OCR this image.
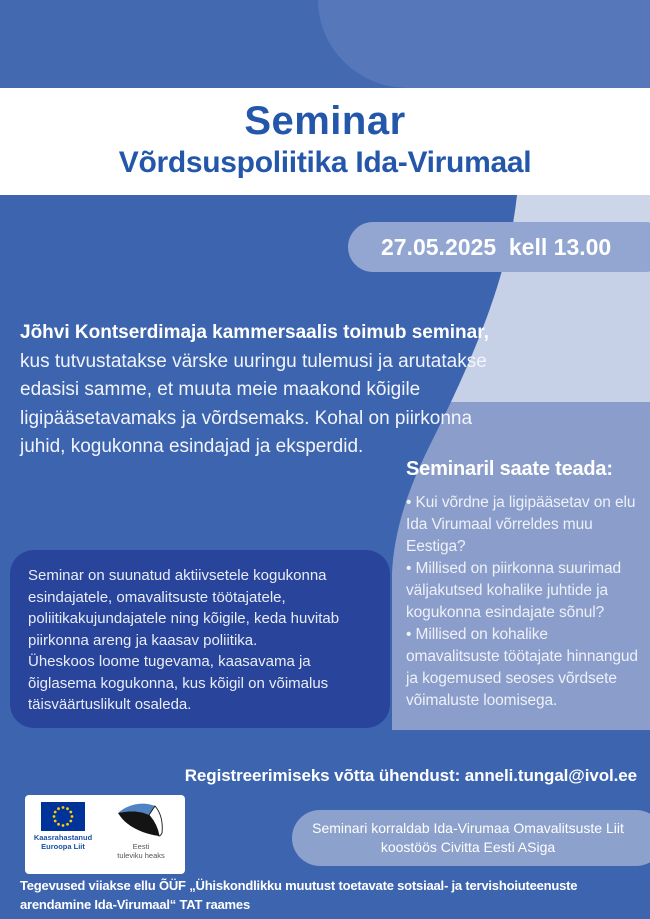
Seminar
Võrdsuspoliitika Ida-Virumaal
27.05.2025  kell 13.00

Jõhvi Kontserdimaja kammersaalis toimub seminar, kus tutvustatakse värske uuringu tulemusi ja arutatakse edasisi samme, et muuta meie maakond kõigile ligipääsetavamaks ja võrdsemaks. Kohal on piirkonna juhid, kogukonna esindajad ja eksperdid.

Seminaril saate teada:
• Kui võrdne ja ligipääsetav on elu Ida Virumaal võrreldes muu Eestiga?
• Millised on piirkonna suurimad väljakutsed kohalike juhtide ja kogukonna esindajate sõnul?
• Millised on kohalike omavalitsuste töötajate hinnangud ja kogemused seoses võrdsete võimaluste loomisega.

Seminar on suunatud aktiivsetele kogukonna esindajatele, omavalitsuste töötajatele, poliitikakujundajatele ning kõigile, keda huvitab piirkonna areng ja kaasav poliitika.

Üheskoos loome tugevama, kaasavama ja õiglasema kogukonna, kus kõigil on võimalus täisväärtuslikult osaleda.

Registreerimiseks võtta ühendust: anneli.tungal@ivol.ee
Kaasrahastanud
Euroopa Liit	Eesti
tuleviku heaks
Seminari korraldab Ida-Virumaa Omavalitsuste Liit koostöös Civitta Eesti ASiga
Tegevused viiakse ellu ÕÜF „Ühiskondlikku muutust toetavate sotsiaal- ja tervishoiuteenuste arendamine Ida-Virumaal“ TAT raames
